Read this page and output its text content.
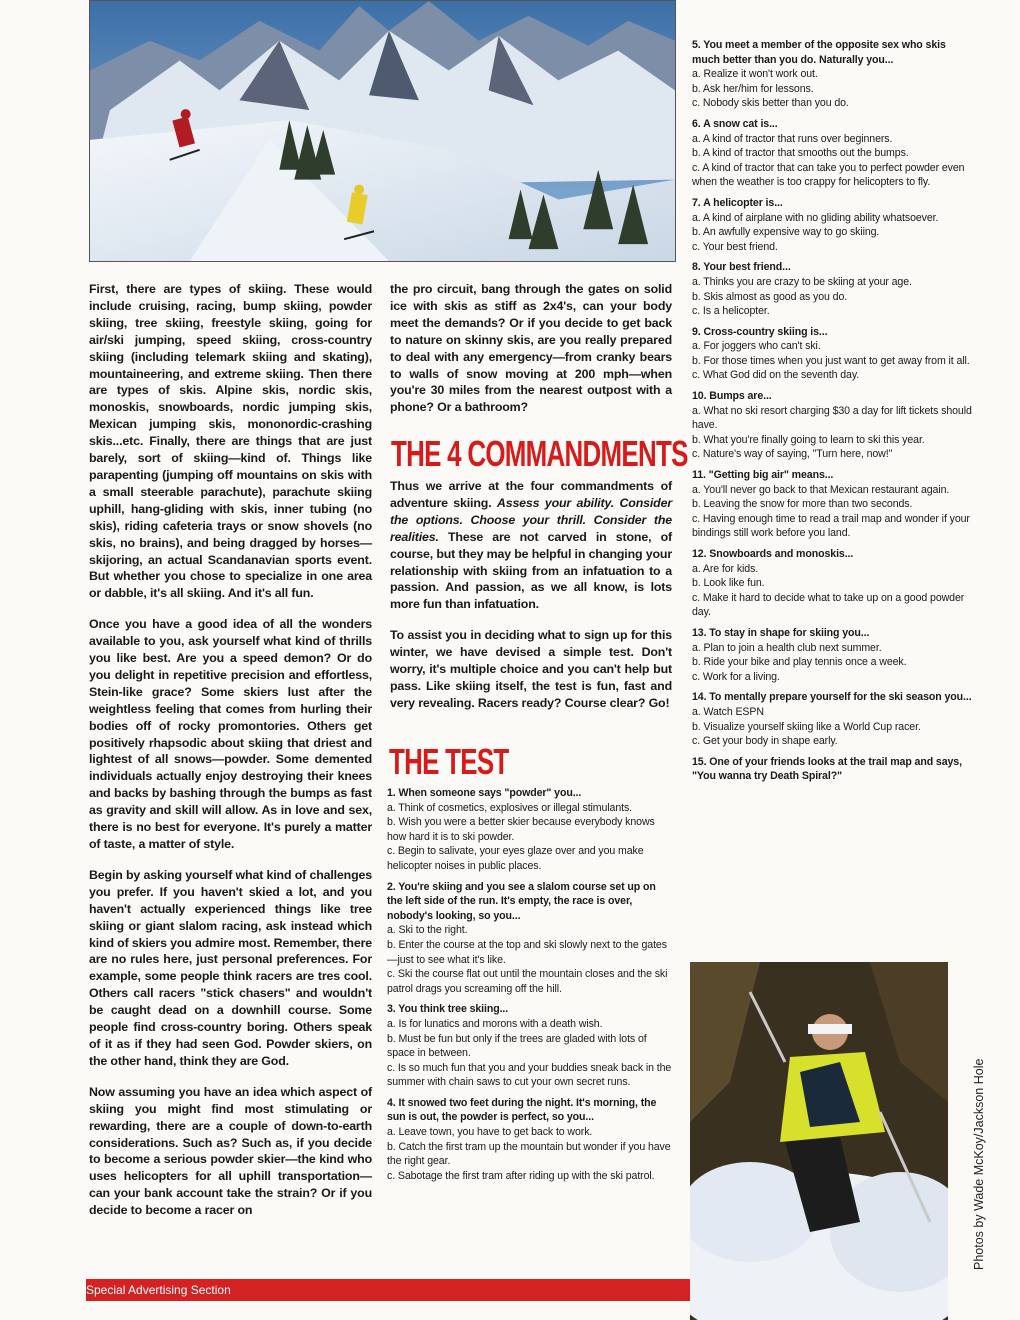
First, there are types of skiing. These would include cruising, racing, bump skiing, powder skiing, tree skiing, freestyle skiing, going for air/ski jumping, speed skiing, cross-country skiing (including telemark skiing and skating), mountaineering, and extreme skiing. Then there are types of skis. Alpine skis, nordic skis, monoskis, snowboards, nordic jumping skis, Mexican jumping skis, mononordic-crashing skis...etc. Finally, there are things that are just barely, sort of skiing—kind of. Things like parapenting (jumping off mountains on skis with a small steerable parachute), parachute skiing uphill, hang-gliding with skis, inner tubing (no skis), riding cafeteria trays or snow shovels (no skis, no brains), and being dragged by horses—skijoring, an actual Scandanavian sports event. But whether you chose to specialize in one area or dabble, it's all skiing. And it's all fun.

Once you have a good idea of all the wonders available to you, ask yourself what kind of thrills you like best. Are you a speed demon? Or do you delight in repetitive precision and effortless, Stein-like grace? Some skiers lust after the weightless feeling that comes from hurling their bodies off of rocky promontories. Others get positively rhapsodic about skiing that driest and lightest of all snows—powder. Some demented individuals actually enjoy destroying their knees and backs by bashing through the bumps as fast as gravity and skill will allow. As in love and sex, there is no best for everyone. It's purely a matter of taste, a matter of style.

Begin by asking yourself what kind of challenges you prefer. If you haven't skied a lot, and you haven't actually experienced things like tree skiing or giant slalom racing, ask instead which kind of skiers you admire most. Remember, there are no rules here, just personal preferences. For example, some people think racers are tres cool. Others call racers "stick chasers" and wouldn't be caught dead on a downhill course. Some people find cross-country boring. Others speak of it as if they had seen God. Powder skiers, on the other hand, think they are God.

Now assuming you have an idea which aspect of skiing you might find most stimulating or rewarding, there are a couple of down-to-earth considerations. Such as? Such as, if you decide to become a serious powder skier—the kind who uses helicopters for all uphill transportation—can your bank account take the strain? Or if you decide to become a racer on

the pro circuit, bang through the gates on solid ice with skis as stiff as 2x4's, can your body meet the demands? Or if you decide to get back to nature on skinny skis, are you really prepared to deal with any emergency—from cranky bears to walls of snow moving at 200 mph—when you're 30 miles from the nearest outpost with a phone? Or a bathroom?

THE 4 COMMANDMENTS

Thus we arrive at the four commandments of adventure skiing. Assess your ability. Consider the options. Choose your thrill. Consider the realities. These are not carved in stone, of course, but they may be helpful in changing your relationship with skiing from an infatuation to a passion. And passion, as we all know, is lots more fun than infatuation.

To assist you in deciding what to sign up for this winter, we have devised a simple test. Don't worry, it's multiple choice and you can't help but pass. Like skiing itself, the test is fun, fast and very revealing. Racers ready? Course clear? Go!

THE TEST
1. When someone says "powder" you...
a. Think of cosmetics, explosives or illegal stimulants.
b. Wish you were a better skier because everybody knows how hard it is to ski powder.
c. Begin to salivate, your eyes glaze over and you make helicopter noises in public places.
2. You're skiing and you see a slalom course set up on the left side of the run. It's empty, the race is over, nobody's looking, so you...
a. Ski to the right.
b. Enter the course at the top and ski slowly next to the gates—just to see what it's like.
c. Ski the course flat out until the mountain closes and the ski patrol drags you screaming off the hill.
3. You think tree skiing...
a. Is for lunatics and morons with a death wish.
b. Must be fun but only if the trees are gladed with lots of space in between.
c. Is so much fun that you and your buddies sneak back in the summer with chain saws to cut your own secret runs.
4. It snowed two feet during the night. It's morning, the sun is out, the powder is perfect, so you...
a. Leave town, you have to get back to work.
b. Catch the first tram up the mountain but wonder if you have the right gear.
c. Sabotage the first tram after riding up with the ski patrol.
5. You meet a member of the opposite sex who skis much better than you do. Naturally you...
a. Realize it won't work out.
b. Ask her/him for lessons.
c. Nobody skis better than you do.
6. A snow cat is...
a. A kind of tractor that runs over beginners.
b. A kind of tractor that smooths out the bumps.
c. A kind of tractor that can take you to perfect powder even when the weather is too crappy for helicopters to fly.
7. A helicopter is...
a. A kind of airplane with no gliding ability whatsoever.
b. An awfully expensive way to go skiing.
c. Your best friend.
8. Your best friend...
a. Thinks you are crazy to be skiing at your age.
b. Skis almost as good as you do.
c. Is a helicopter.
9. Cross-country skiing is...
a. For joggers who can't ski.
b. For those times when you just want to get away from it all.
c. What God did on the seventh day.
10. Bumps are...
a. What no ski resort charging $30 a day for lift tickets should have.
b. What you're finally going to learn to ski this year.
c. Nature's way of saying, "Turn here, now!"
11. "Getting big air" means...
a. You'll never go back to that Mexican restaurant again.
b. Leaving the snow for more than two seconds.
c. Having enough time to read a trail map and wonder if your bindings still work before you land.
12. Snowboards and monoskis...
a. Are for kids.
b. Look like fun.
c. Make it hard to decide what to take up on a good powder day.
13. To stay in shape for skiing you...
a. Plan to join a health club next summer.
b. Ride your bike and play tennis once a week.
c. Work for a living.
14. To mentally prepare yourself for the ski season you...
a. Watch ESPN
b. Visualize yourself skiing like a World Cup racer.
c. Get your body in shape early.
15. One of your friends looks at the trail map and says, "You wanna try Death Spiral?"
Photos by Wade McKoy/Jackson Hole
Special Advertising Section
